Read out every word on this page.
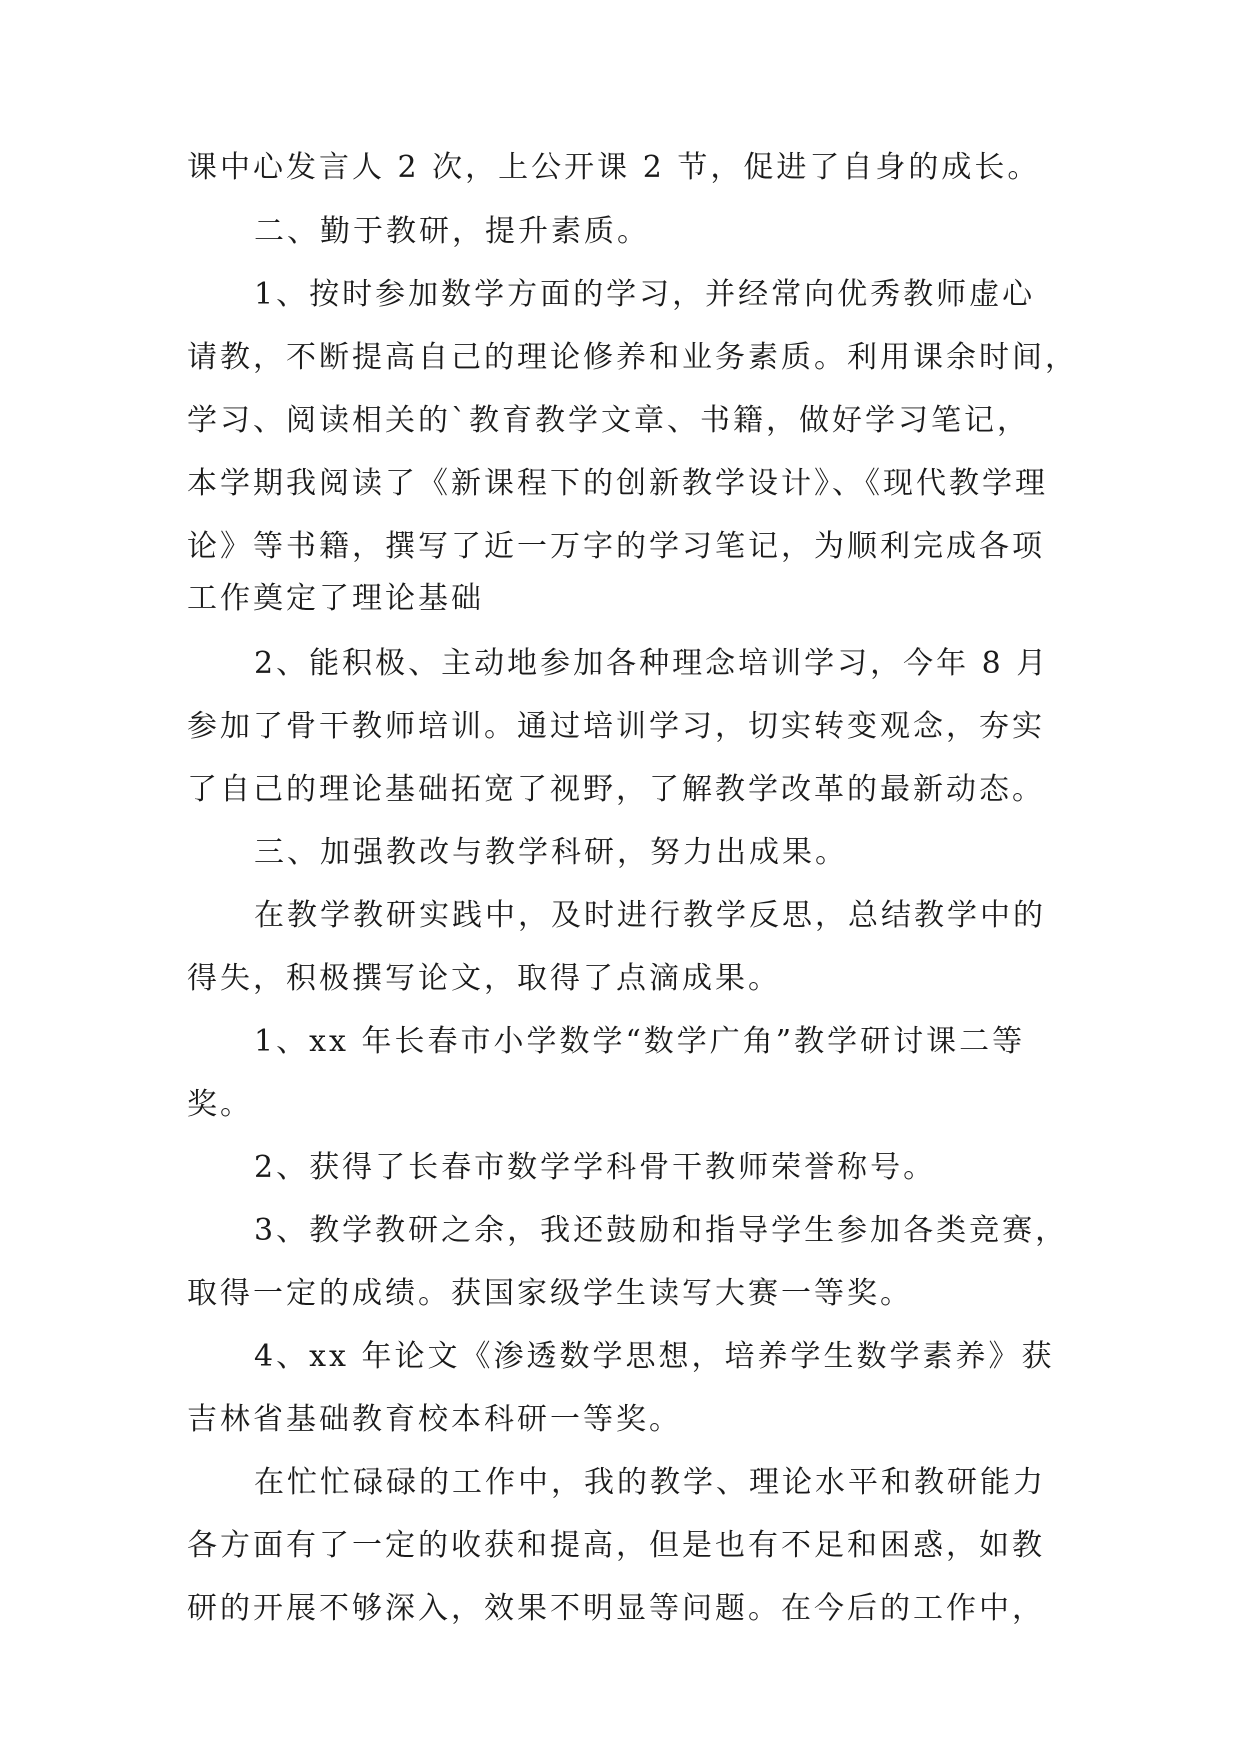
课中心发言人 2 次，上公开课 2 节，促进了自身的成长。
二、勤于教研，提升素质。
1、按时参加数学方面的学习，并经常向优秀教师虚心
请教，不断提高自己的理论修养和业务素质。利用课余时间，
学习、阅读相关的`教育教学文章、书籍，做好学习笔记，
本学期我阅读了《新课程下的创新教学设计》、《现代教学理
论》等书籍，撰写了近一万字的学习笔记，为顺利完成各项
工作奠定了理论基础
2、能积极、主动地参加各种理念培训学习，今年 8 月
参加了骨干教师培训。通过培训学习，切实转变观念，夯实
了自己的理论基础拓宽了视野，了解教学改革的最新动态。
三、加强教改与教学科研，努力出成果。
在教学教研实践中，及时进行教学反思，总结教学中的
得失，积极撰写论文，取得了点滴成果。
1、xx 年长春市小学数学“数学广角”教学研讨课二等
奖。
2、获得了长春市数学学科骨干教师荣誉称号。
3、教学教研之余，我还鼓励和指导学生参加各类竞赛，
取得一定的成绩。获国家级学生读写大赛一等奖。
4、xx 年论文《渗透数学思想，培养学生数学素养》获
吉林省基础教育校本科研一等奖。
在忙忙碌碌的工作中，我的教学、理论水平和教研能力
各方面有了一定的收获和提高，但是也有不足和困惑，如教
研的开展不够深入，效果不明显等问题。在今后的工作中，
